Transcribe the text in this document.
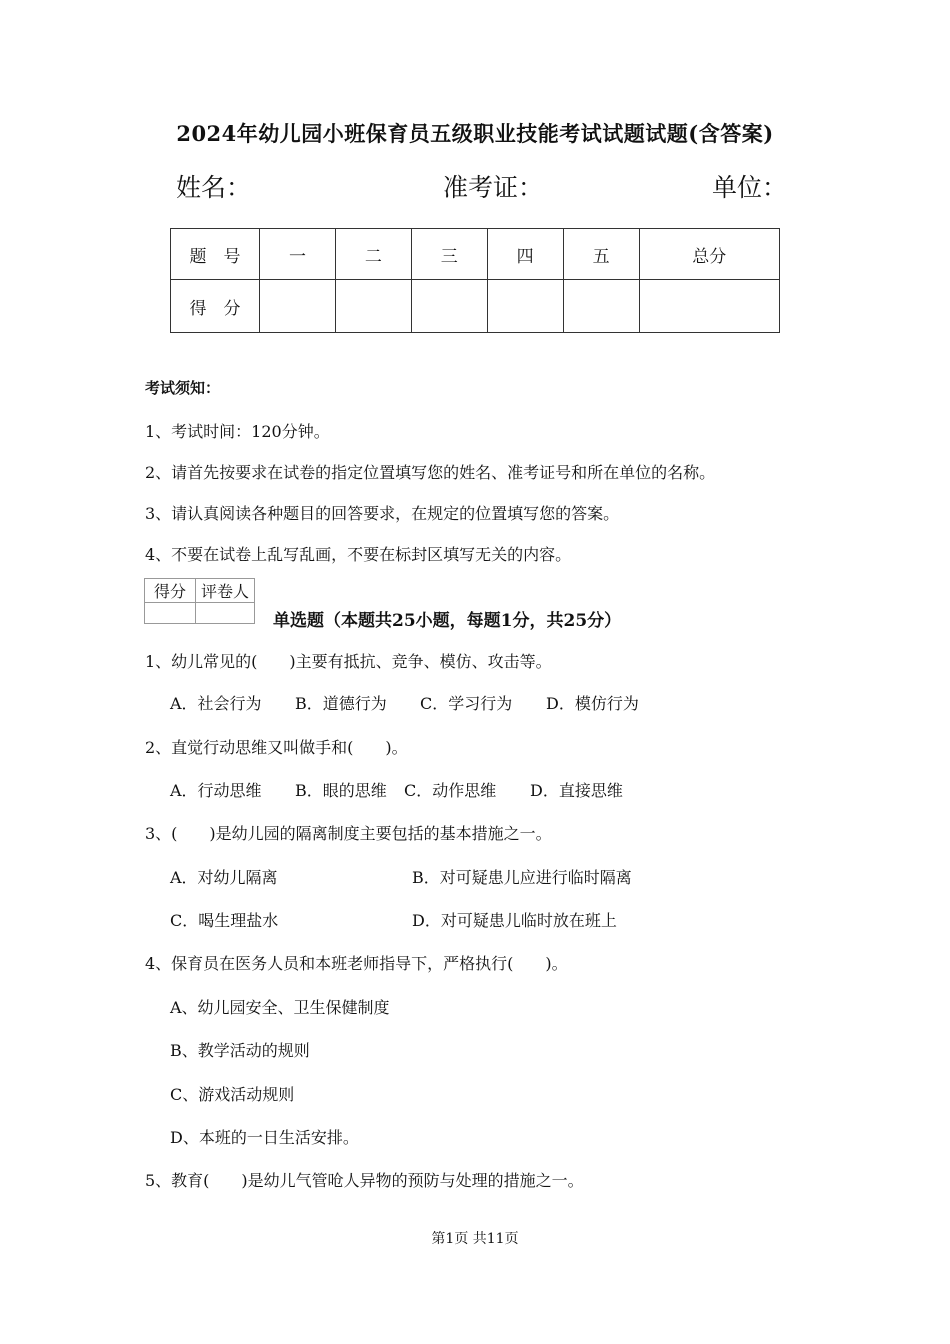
2024年幼儿园小班保育员五级职业技能考试试题试题(含答案)
姓名：	准考证：	单位：
题　号	一	二	三	四	五	总分
得　分						
考试须知：
1、考试时间：120分钟。
2、请首先按要求在试卷的指定位置填写您的姓名、准考证号和所在单位的名称。
3、请认真阅读各种题目的回答要求，在规定的位置填写您的答案。
4、不要在试卷上乱写乱画，不要在标封区填写无关的内容。
得分	评卷人

单选题（本题共25小题，每题1分，共25分）
1、幼儿常见的(　　)主要有抵抗、竞争、模仿、攻击等。
A．社会行为 B．道德行为 C．学习行为 D．模仿行为
2、直觉行动思维又叫做手和(　　)。
A．行动思维 B．眼的思维 C．动作思维 D．直接思维
3、(　　)是幼儿园的隔离制度主要包括的基本措施之一。
A．对幼儿隔离	B．对可疑患儿应进行临时隔离
C．喝生理盐水	D．对可疑患儿临时放在班上
4、保育员在医务人员和本班老师指导下，严格执行(　　)。
A、幼儿园安全、卫生保健制度
B、教学活动的规则
C、游戏活动规则
D、本班的一日生活安排。
5、教育(　　)是幼儿气管呛人异物的预防与处理的措施之一。
第1页 共11页
